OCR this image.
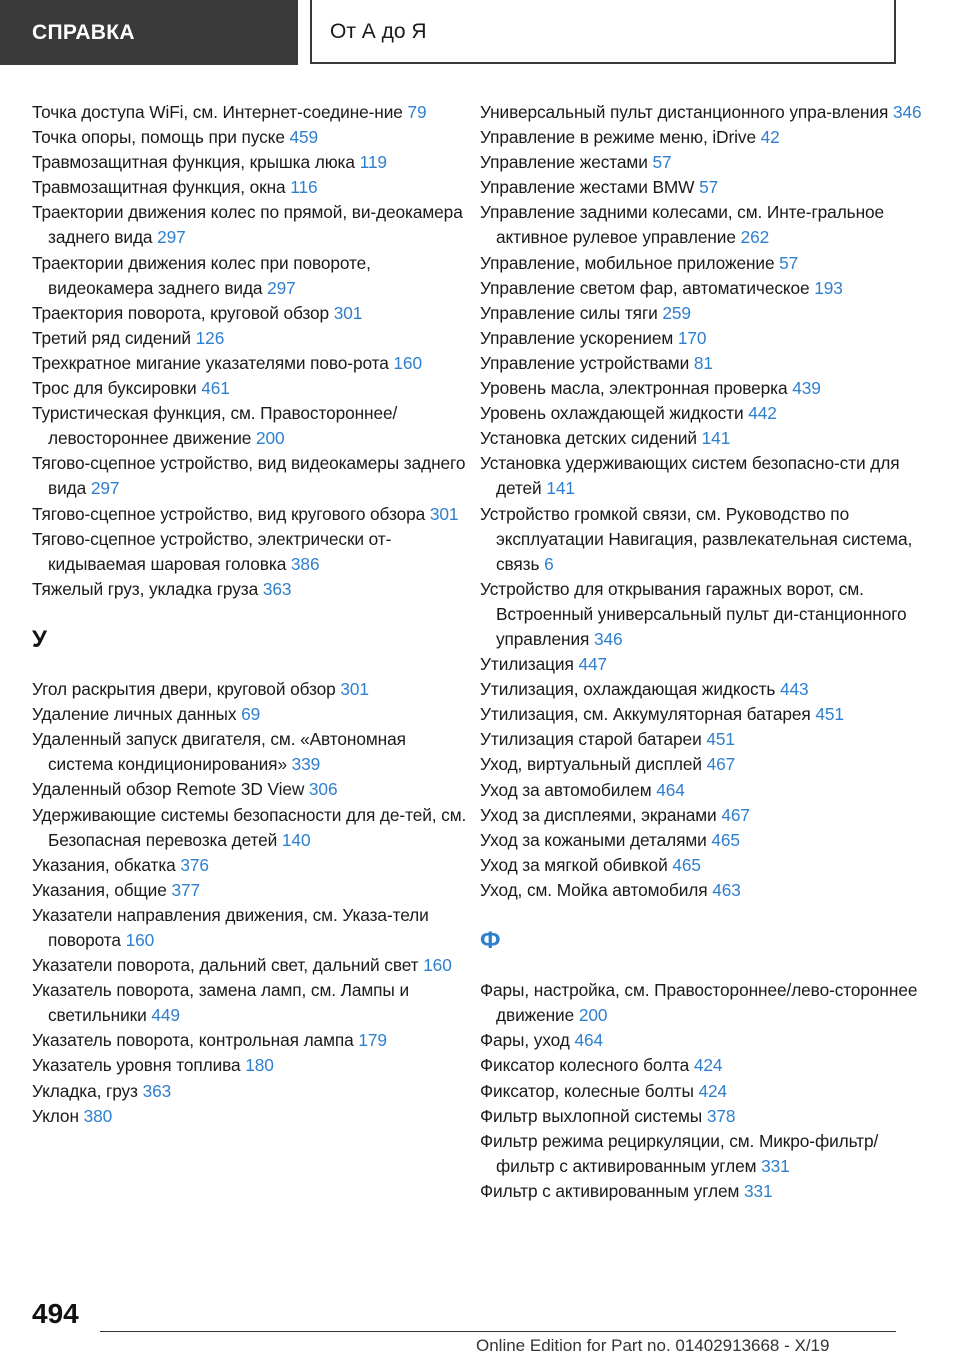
СПРАВКА	От А до Я

Точка доступа WiFi, см. Интернет-соедине-ние 79

Точка опоры, помощь при пуске 459

Травмозащитная функция, крышка люка 119

Травмозащитная функция, окна 116

Траектории движения колес по прямой, ви-деокамера заднего вида 297

Траектории движения колес при повороте, видеокамера заднего вида 297

Траектория поворота, круговой обзор 301

Третий ряд сидений 126

Трехкратное мигание указателями пово-рота 160

Трос для буксировки 461

Туристическая функция, см. Правостороннее/левостороннее движение 200

Тягово-сцепное устройство, вид видеокамеры заднего вида 297

Тягово-сцепное устройство, вид кругового обзора 301

Тягово-сцепное устройство, электрически от-кидываемая шаровая головка 386

Тяжелый груз, укладка груза 363

У

Угол раскрытия двери, круговой обзор 301

Удаление личных данных 69

Удаленный запуск двигателя, см. «Автономная система кондиционирования» 339

Удаленный обзор Remote 3D View 306

Удерживающие системы безопасности для де-тей, см. Безопасная перевозка детей 140

Указания, обкатка 376

Указания, общие 377

Указатели направления движения, см. Указа-тели поворота 160

Указатели поворота, дальний свет, дальний свет 160

Указатель поворота, замена ламп, см. Лампы и светильники 449

Указатель поворота, контрольная лампа 179

Указатель уровня топлива 180

Укладка, груз 363

Уклон 380

Универсальный пульт дистанционного упра-вления 346

Управление в режиме меню, iDrive 42

Управление жестами 57

Управление жестами BMW 57

Управление задними колесами, см. Инте-гральное активное рулевое управление 262

Управление, мобильное приложение 57

Управление светом фар, автоматическое 193

Управление силы тяги 259

Управление ускорением 170

Управление устройствами 81

Уровень масла, электронная проверка 439

Уровень охлаждающей жидкости 442

Установка детских сидений 141

Установка удерживающих систем безопасно-сти для детей 141

Устройство громкой связи, см. Руководство по эксплуатации Навигация, развлекательная система, связь 6

Устройство для открывания гаражных ворот, см. Встроенный универсальный пульт ди-станционного управления 346

Утилизация 447

Утилизация, охлаждающая жидкость 443

Утилизация, см. Аккумуляторная батарея 451

Утилизация старой батареи 451

Уход, виртуальный дисплей 467

Уход за автомобилем 464

Уход за дисплеями, экранами 467

Уход за кожаными деталями 465

Уход за мягкой обивкой 465

Уход, см. Мойка автомобиля 463

Ф

Фары, настройка, см. Правостороннее/лево-стороннее движение 200

Фары, уход 464

Фиксатор колесного болта 424

Фиксатор, колесные болты 424

Фильтр выхлопной системы 378

Фильтр режима рециркуляции, см. Микро-фильтр/фильтр с активированным углем 331

Фильтр с активированным углем 331

494
Online Edition for Part no. 01402913668 - X/19
